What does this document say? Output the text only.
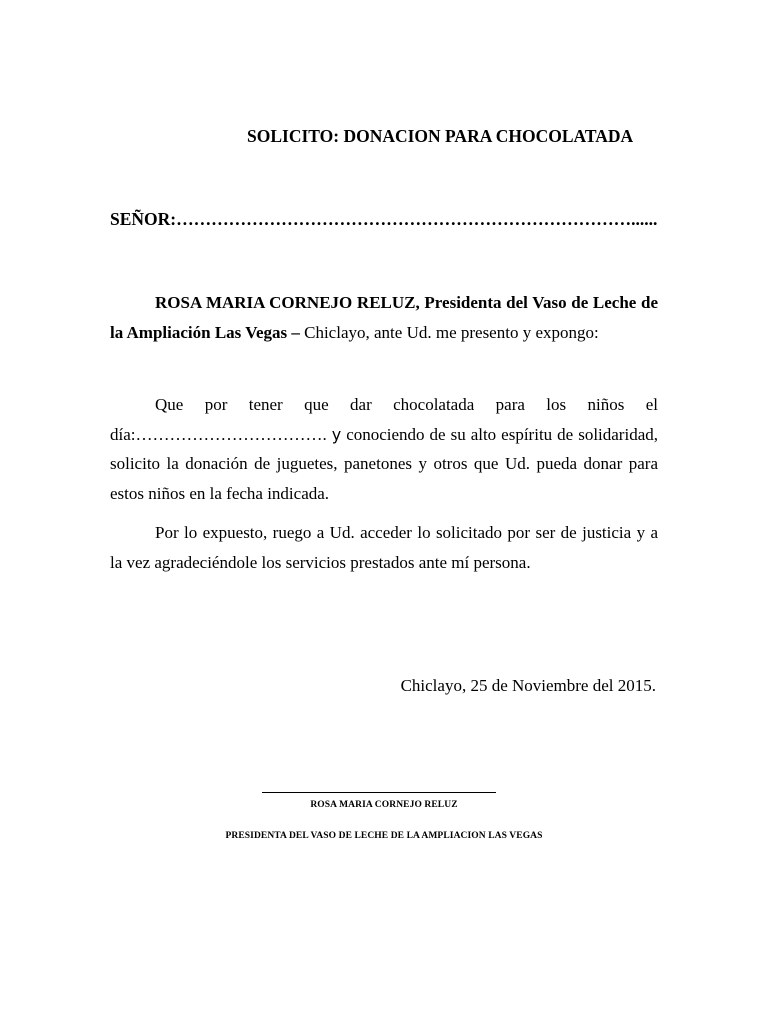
SOLICITO: DONACION PARA CHOCOLATADA
SEÑOR:……………………………………………………………………......
ROSA MARIA CORNEJO RELUZ, Presidenta del Vaso de Leche de la Ampliación Las Vegas – Chiclayo, ante Ud. me presento y expongo:
Que por tener que dar chocolatada para los niños el día:……………………………. y conociendo de su alto espíritu de solidaridad, solicito la donación de juguetes, panetones y otros que Ud. pueda donar para estos niños en la fecha indicada.
Por lo expuesto, ruego a Ud. acceder lo solicitado por ser de justicia y a la vez agradeciéndole los servicios prestados ante mí persona.
Chiclayo, 25 de Noviembre del 2015.
ROSA MARIA CORNEJO RELUZ
PRESIDENTA DEL VASO DE LECHE DE LA AMPLIACION LAS VEGAS
